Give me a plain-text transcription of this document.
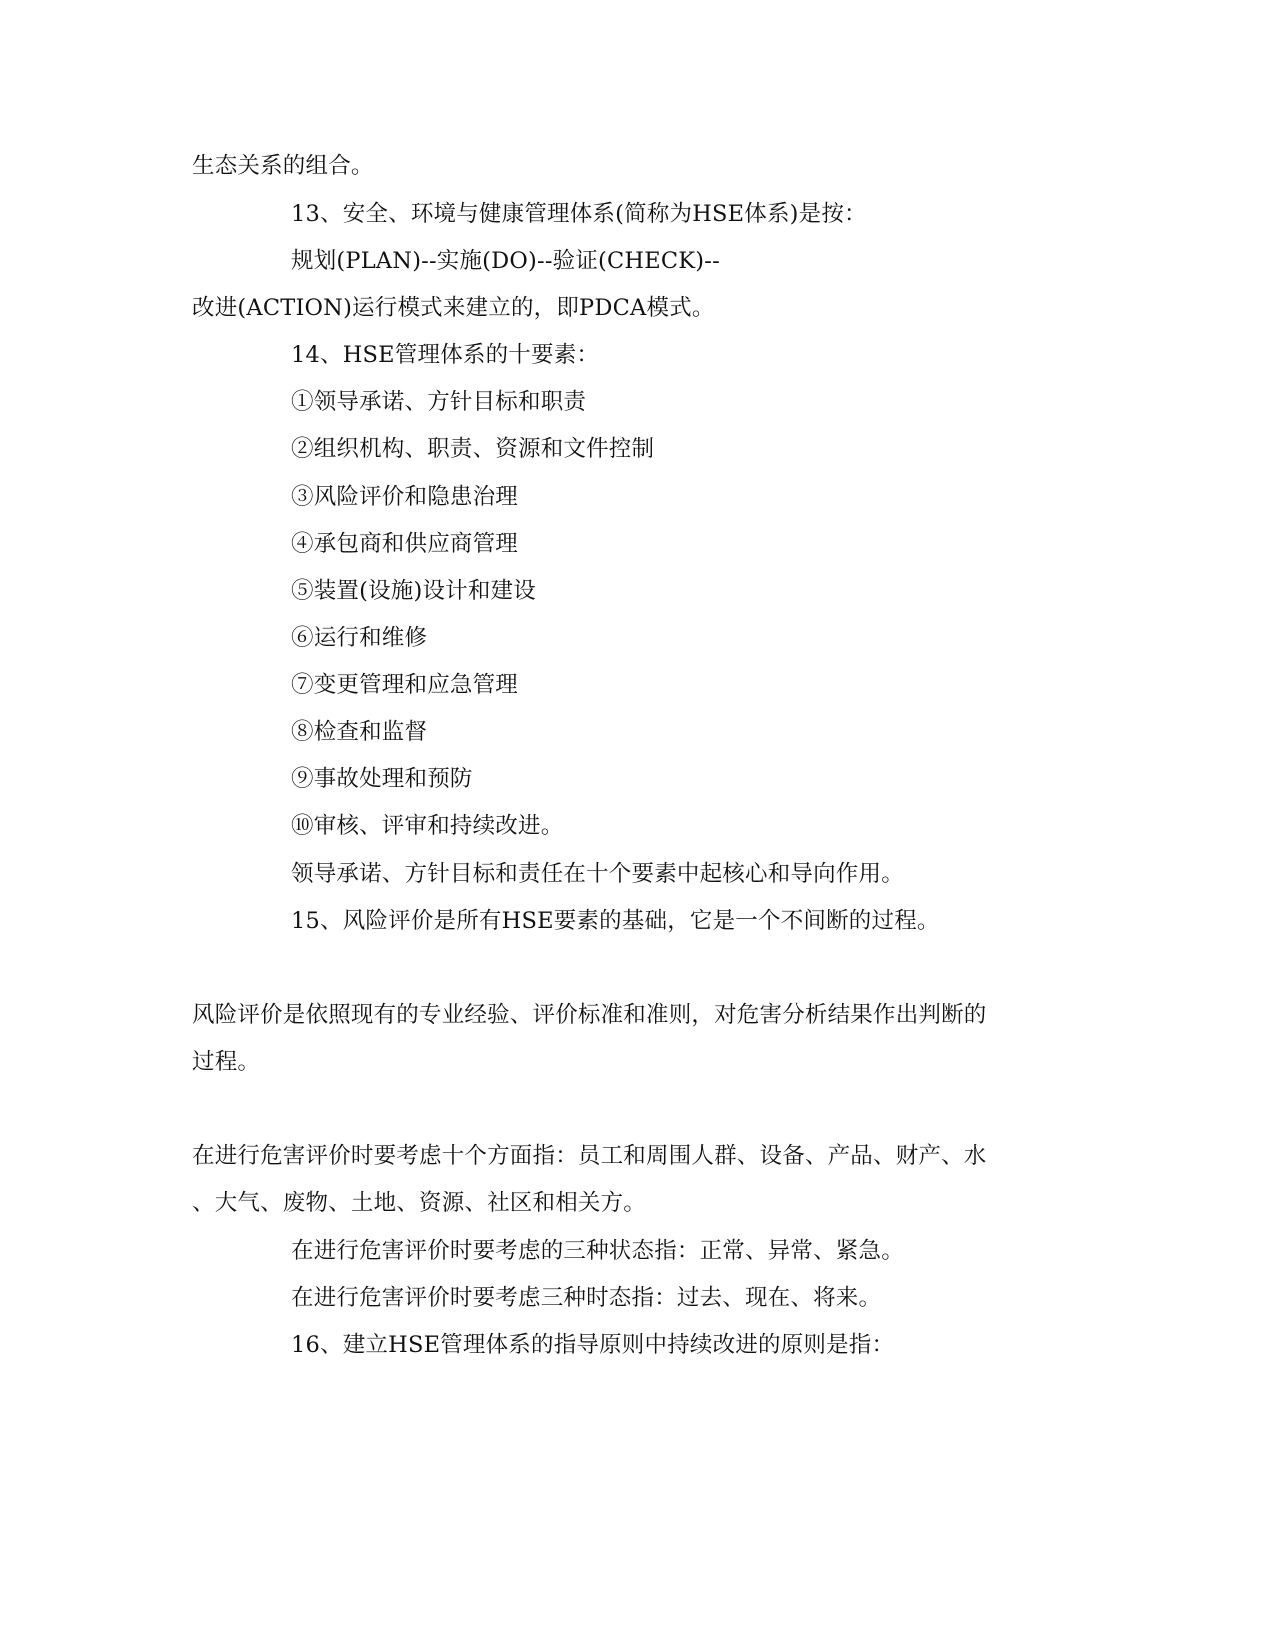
生态关系的组合。
13、安全、环境与健康管理体系(简称为HSE体系)是按：
规划(PLAN)--实施(DO)--验证(CHECK)--
改进(ACTION)运行模式来建立的，即PDCA模式。
14、HSE管理体系的十要素：
①领导承诺、方针目标和职责
②组织机构、职责、资源和文件控制
③风险评价和隐患治理
④承包商和供应商管理
⑤装置(设施)设计和建设
⑥运行和维修
⑦变更管理和应急管理
⑧检查和监督
⑨事故处理和预防
⑩审核、评审和持续改进。
领导承诺、方针目标和责任在十个要素中起核心和导向作用。
15、风险评价是所有HSE要素的基础，它是一个不间断的过程。
风险评价是依照现有的专业经验、评价标准和准则，对危害分析结果作出判断的
过程。
在进行危害评价时要考虑十个方面指：员工和周围人群、设备、产品、财产、水
、大气、废物、土地、资源、社区和相关方。
在进行危害评价时要考虑的三种状态指：正常、异常、紧急。
在进行危害评价时要考虑三种时态指：过去、现在、将来。
16、建立HSE管理体系的指导原则中持续改进的原则是指：
